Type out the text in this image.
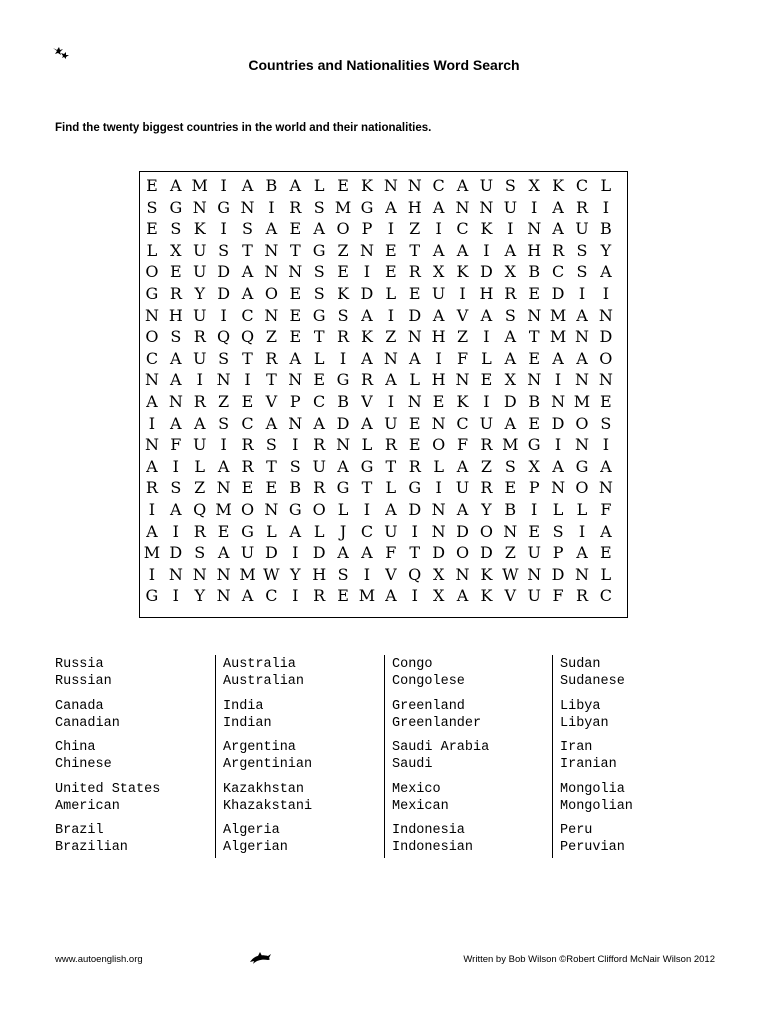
Countries and Nationalities Word Search
Find the twenty biggest countries in the world and their nationalities.
E A M I A B A L E K N N C A U S X K C L
S G N G N I R S M G A H A N N U I A R I
E S K I S A E A O P I Z I C K I N A U B
L X U S T N T G Z N E T A A I A H R S Y
O E U D A N N S E I E R X K D X B C S A
G R Y D A O E S K D L E U I H R E D I	I
N H U I C N E G S A I D A V A S N M A N
O S R Q Q Z E T R K Z N H Z I A T M N D
C A U S T R A L I A N A I F L A E A A O
N A I N I T N E G R A L H N E X N I N N
A N R Z E V P C B V I N E K I D B N M E
I A A S C A N A D A U E N C U A E D O S
N F U I R S I R N L R E O F R M G I N I
A I L A R T S U A G T R L A Z S X A G A
R S Z N E E B R G T L G I U R E P N O N
I A Q M O N G O L I A D N A Y B I L L F
A I R E G L A L J C U I N D O N E S I A
M D S A U D I D A A F T D O D Z U P A E
I N N N M W Y H S I V Q X N K W N D N L
G I Y N A C I R E M A I X A K V U F R C
Russia
Russian
Canada
Canadian
China
Chinese
United States
American
Brazil
Brazilian
Australia
Australian
India
Indian
Argentina
Argentinian
Kazakhstan
Khazakstani
Algeria
Algerian
Congo
Congolese
Greenland
Greenlander
Saudi Arabia
Saudi
Mexico
Mexican
Indonesia
Indonesian
Sudan
Sudanese
Libya
Libyan
Iran
Iranian
Mongolia
Mongolian
Peru
Peruvian
www.autoenglish.org	Written by Bob Wilson ©Robert Clifford McNair Wilson 2012
